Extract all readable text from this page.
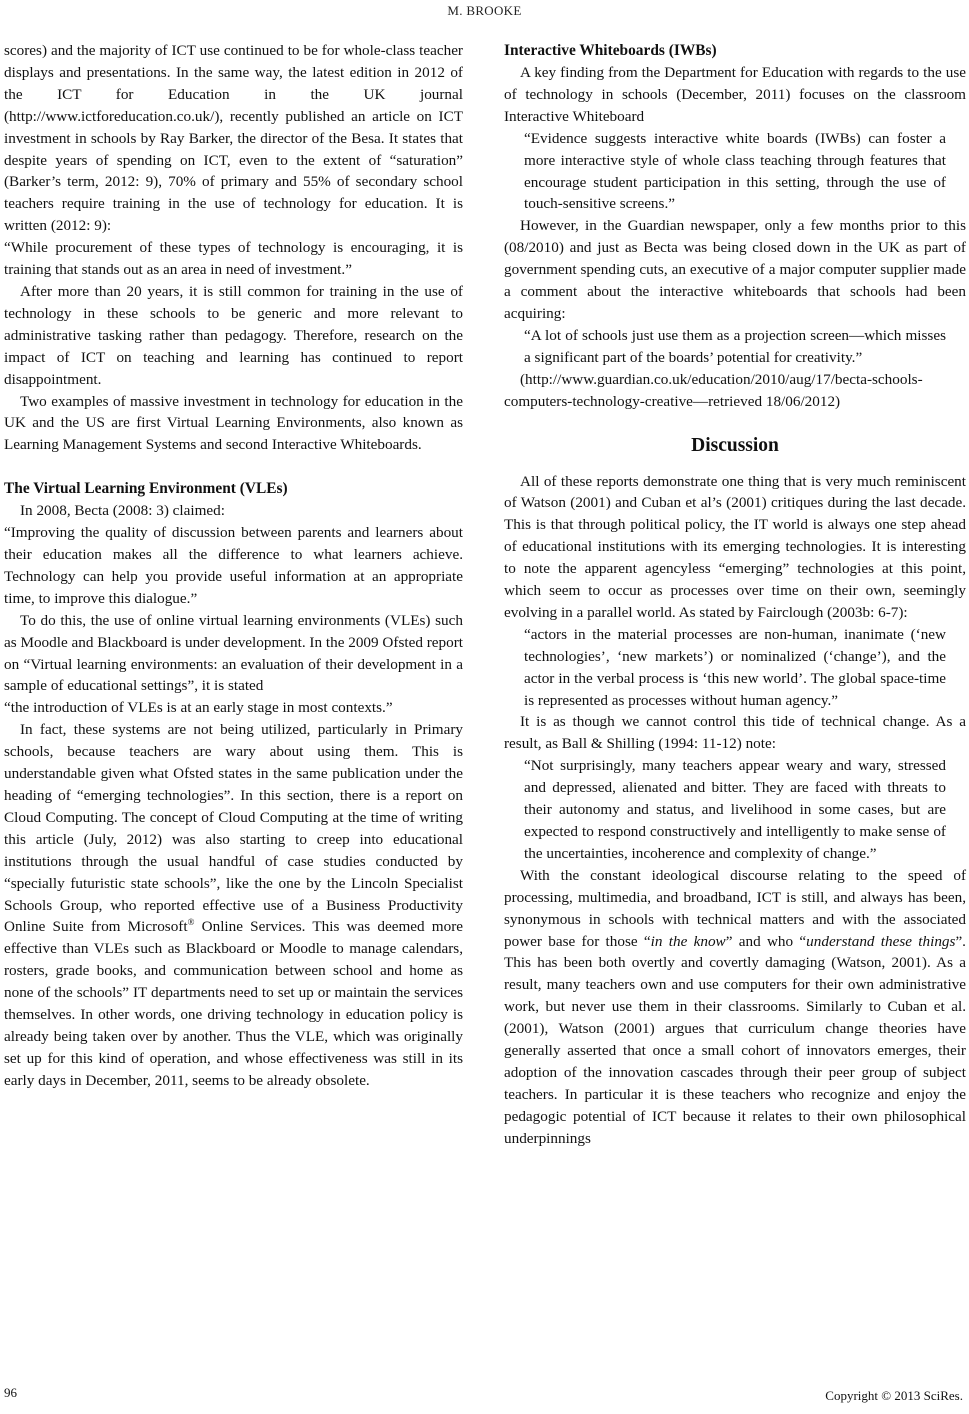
M. BROOKE

scores) and the majority of ICT use continued to be for whole-class teacher displays and presentations. In the same way, the latest edition in 2012 of the ICT for Education in the UK journal (http://www.ictforeducation.co.uk/), recently published an article on ICT investment in schools by Ray Barker, the director of the Besa. It states that despite years of spending on ICT, even to the extent of “saturation” (Barker’s term, 2012: 9), 70% of primary and 55% of secondary school teachers require training in the use of technology for education. It is written (2012: 9):

“While procurement of these types of technology is encouraging, it is training that stands out as an area in need of investment.”

After more than 20 years, it is still common for training in the use of technology in these schools to be generic and more relevant to administrative tasking rather than pedagogy. Therefore, research on the impact of ICT on teaching and learning has continued to report disappointment.

Two examples of massive investment in technology for education in the UK and the US are first Virtual Learning Environments, also known as Learning Management Systems and second Interactive Whiteboards.

The Virtual Learning Environment (VLEs)

In 2008, Becta (2008: 3) claimed:

“Improving the quality of discussion between parents and learners about their education makes all the difference to what learners achieve. Technology can help you provide useful information at an appropriate time, to improve this dialogue.”

To do this, the use of online virtual learning environments (VLEs) such as Moodle and Blackboard is under development. In the 2009 Ofsted report on “Virtual learning environments: an evaluation of their development in a sample of educational settings”, it is stated

“the introduction of VLEs is at an early stage in most contexts.”

In fact, these systems are not being utilized, particularly in Primary schools, because teachers are wary about using them. This is understandable given what Ofsted states in the same publication under the heading of “emerging technologies”. In this section, there is a report on Cloud Computing. The concept of Cloud Computing at the time of writing this article (July, 2012) was also starting to creep into educational institutions through the usual handful of case studies conducted by “specially futuristic state schools”, like the one by the Lincoln Specialist Schools Group, who reported effective use of a Business Productivity Online Suite from Microsoft® Online Services. This was deemed more effective than VLEs such as Blackboard or Moodle to manage calendars, rosters, grade books, and communication between school and home as none of the schools” IT departments need to set up or maintain the services themselves. In other words, one driving technology in education policy is already being taken over by another. Thus the VLE, which was originally set up for this kind of operation, and whose effectiveness was still in its early days in December, 2011, seems to be already obsolete.

Interactive Whiteboards (IWBs)

A key finding from the Department for Education with regards to the use of technology in schools (December, 2011) focuses on the classroom Interactive Whiteboard

“Evidence suggests interactive white boards (IWBs) can foster a more interactive style of whole class teaching through features that encourage student participation in this setting, through the use of touch-sensitive screens.”

However, in the Guardian newspaper, only a few months prior to this (08/2010) and just as Becta was being closed down in the UK as part of government spending cuts, an executive of a major computer supplier made a comment about the interactive whiteboards that schools had been acquiring:

“A lot of schools just use them as a projection screen—which misses a significant part of the boards’ potential for creativity.”

(http://www.guardian.co.uk/education/2010/aug/17/becta-schools-computers-technology-creative—retrieved 18/06/2012)

Discussion

All of these reports demonstrate one thing that is very much reminiscent of Watson (2001) and Cuban et al’s (2001) critiques during the last decade. This is that through political policy, the IT world is always one step ahead of educational institutions with its emerging technologies. It is interesting to note the apparent agencyless “emerging” technologies at this point, which seem to occur as processes over time on their own, seemingly evolving in a parallel world. As stated by Fairclough (2003b: 6-7):

“actors in the material processes are non-human, inanimate (‘new technologies’, ‘new markets’) or nominalized (‘change’), and the actor in the verbal process is ‘this new world’. The global space-time is represented as processes without human agency.”

It is as though we cannot control this tide of technical change. As a result, as Ball & Shilling (1994: 11-12) note:

“Not surprisingly, many teachers appear weary and wary, stressed and depressed, alienated and bitter. They are faced with threats to their autonomy and status, and livelihood in some cases, but are expected to respond constructively and intelligently to make sense of the uncertainties, incoherence and complexity of change.”

With the constant ideological discourse relating to the speed of processing, multimedia, and broadband, ICT is still, and always has been, synonymous in schools with technical matters and with the associated power base for those “in the know” and who “understand these things”. This has been both overtly and covertly damaging (Watson, 2001). As a result, many teachers own and use computers for their own administrative work, but never use them in their classrooms. Similarly to Cuban et al. (2001), Watson (2001) argues that curriculum change theories have generally asserted that once a small cohort of innovators emerges, their adoption of the innovation cascades through their peer group of subject teachers. In particular it is these teachers who recognize and enjoy the pedagogic potential of ICT because it relates to their own philosophical underpinnings

96	Copyright © 2013 SciRes.
